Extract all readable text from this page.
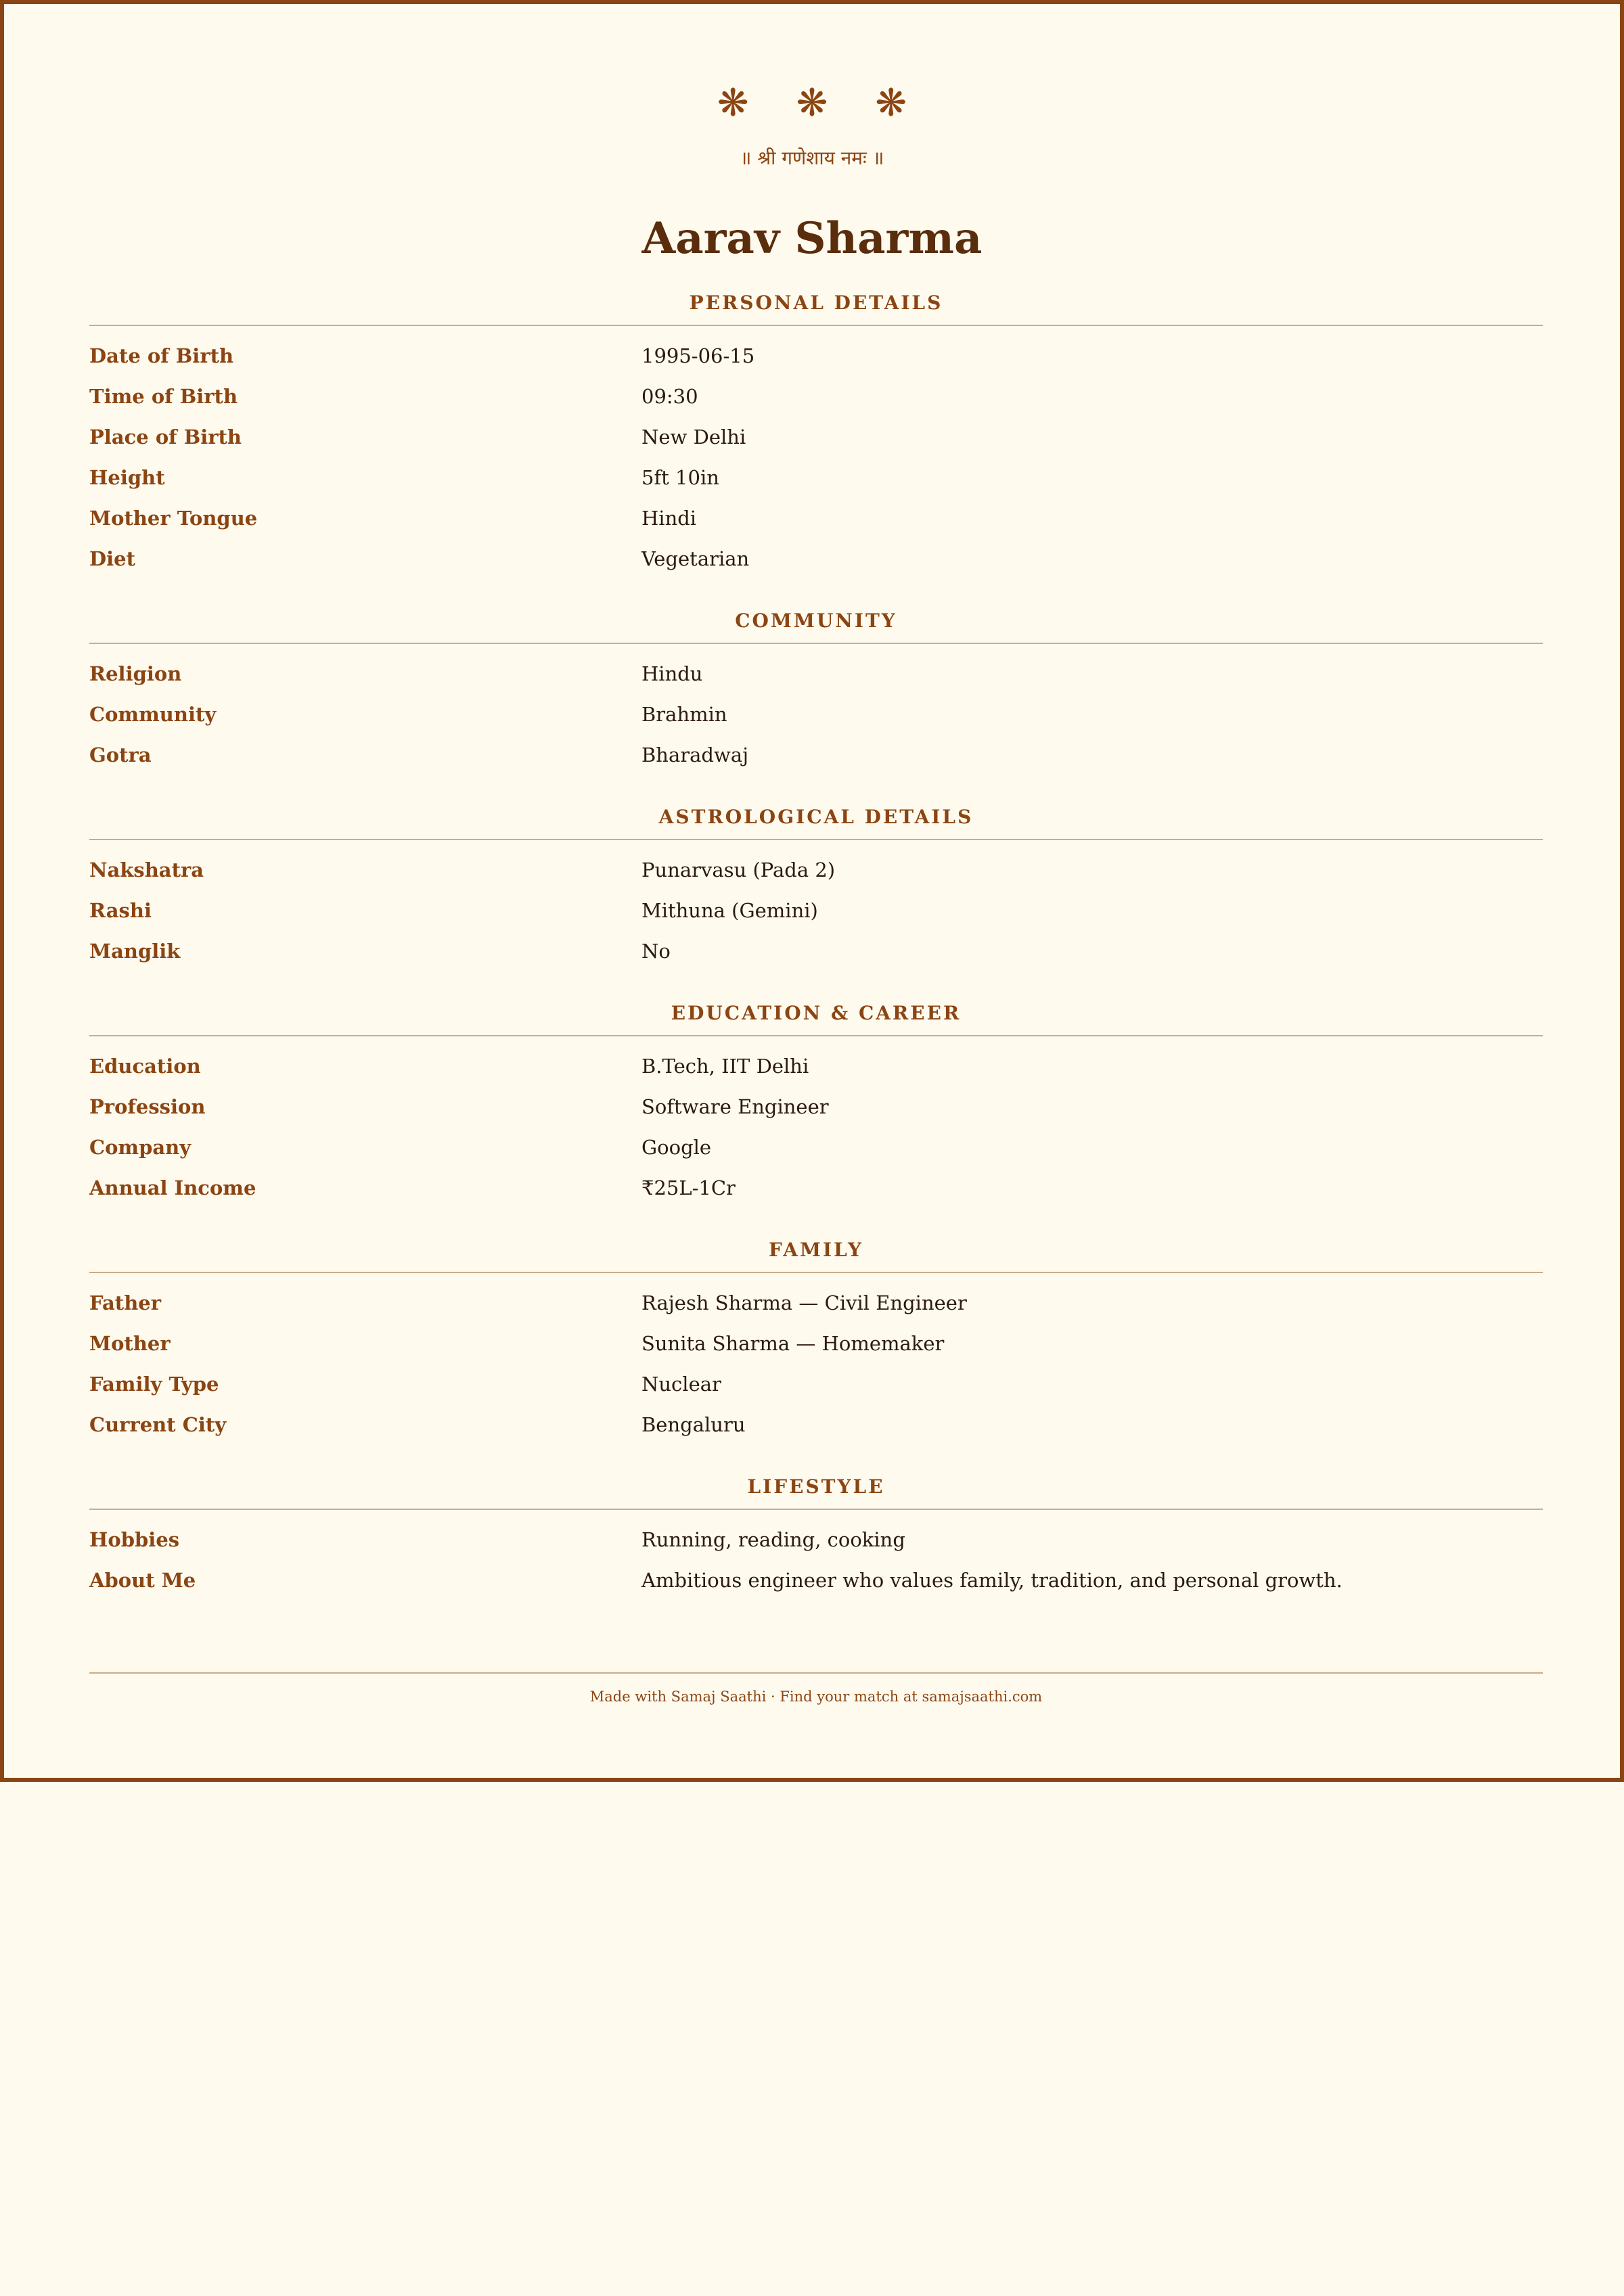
❋ ❋ ❋
॥ श्री गणेशाय नमः ॥
Aarav Sharma
PERSONAL DETAILS
Date of Birth	1995-06-15
Time of Birth	09:30
Place of Birth	New Delhi
Height	5ft 10in
Mother Tongue	Hindi
Diet	Vegetarian
COMMUNITY
Religion	Hindu
Community	Brahmin
Gotra	Bharadwaj
ASTROLOGICAL DETAILS
Nakshatra	Punarvasu (Pada 2)
Rashi	Mithuna (Gemini)
Manglik	No
EDUCATION & CAREER
Education	B.Tech, IIT Delhi
Profession	Software Engineer
Company	Google
Annual Income	₹25L-1Cr
FAMILY
Father	Rajesh Sharma — Civil Engineer
Mother	Sunita Sharma — Homemaker
Family Type	Nuclear
Current City	Bengaluru
LIFESTYLE
Hobbies	Running, reading, cooking
About Me	Ambitious engineer who values family, tradition, and personal growth.
Made with Samaj Saathi · Find your match at samajsaathi.com
